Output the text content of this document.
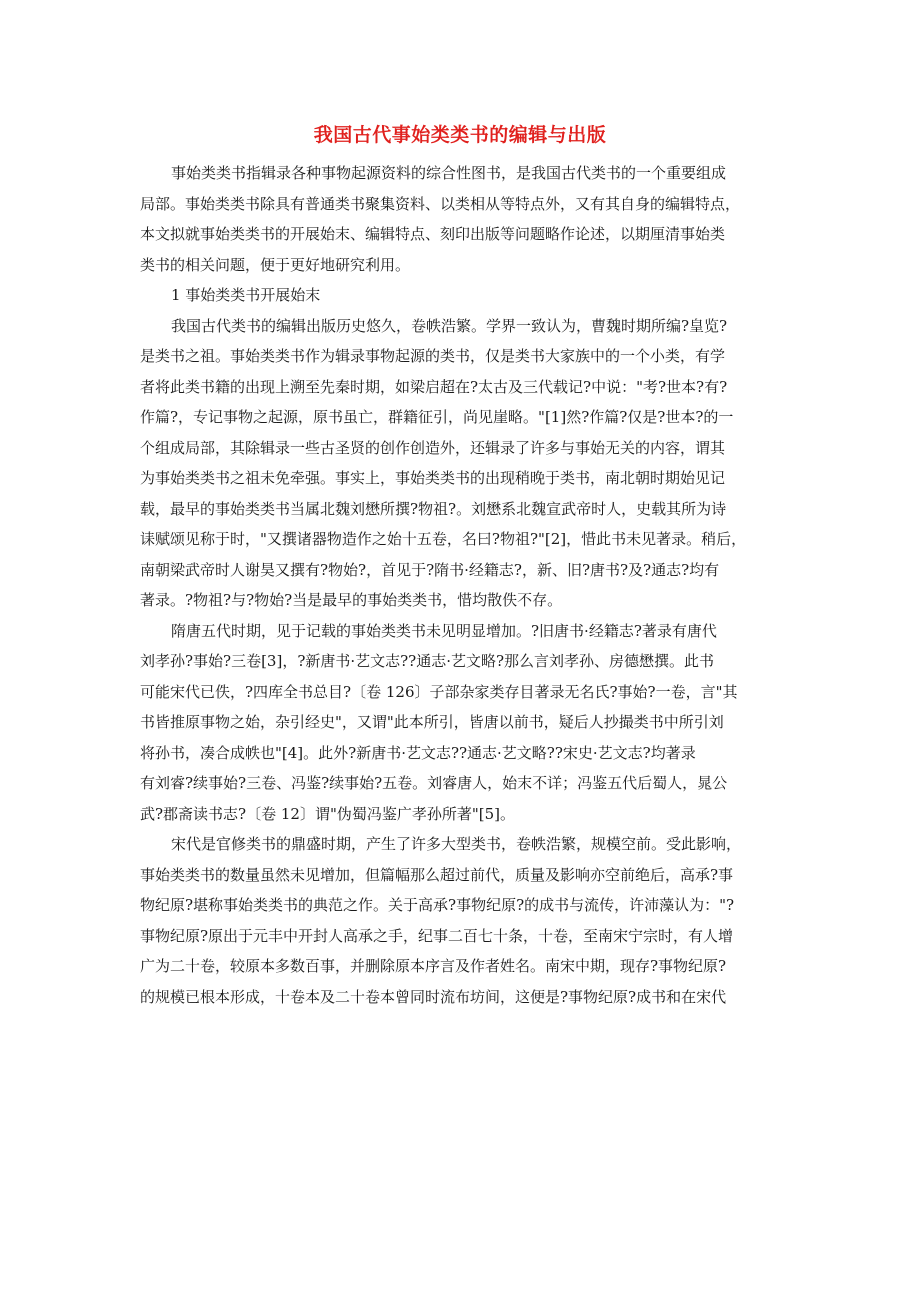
我国古代事始类类书的编辑与出版
事始类类书指辑录各种事物起源资料的综合性图书，是我国古代类书的一个重要组成
局部。事始类类书除具有普通类书聚集资料、以类相从等特点外，又有其自身的编辑特点，
本文拟就事始类类书的开展始末、编辑特点、刻印出版等问题略作论述，以期厘清事始类
类书的相关问题，便于更好地研究利用。
1 事始类类书开展始末
我国古代类书的编辑出版历史悠久，卷帙浩繁。学界一致认为，曹魏时期所编?皇览?
是类书之祖。事始类类书作为辑录事物起源的类书，仅是类书大家族中的一个小类，有学
者将此类书籍的出现上溯至先秦时期，如梁启超在?太古及三代载记?中说："考?世本?有?
作篇?，专记事物之起源，原书虽亡，群籍征引，尚见崖略。"[1]然?作篇?仅是?世本?的一
个组成局部，其除辑录一些古圣贤的创作创造外，还辑录了许多与事始无关的内容，谓其
为事始类类书之祖未免牵强。事实上，事始类类书的出现稍晚于类书，南北朝时期始见记
载，最早的事始类类书当属北魏刘懋所撰?物祖?。刘懋系北魏宣武帝时人，史载其所为诗
诔赋颂见称于时，"又撰诸器物造作之始十五卷，名曰?物祖?"[2]，惜此书未见著录。稍后，
南朝梁武帝时人谢昊又撰有?物始?，首见于?隋书·经籍志?，新、旧?唐书?及?通志?均有
著录。?物祖?与?物始?当是最早的事始类类书，惜均散佚不存。
隋唐五代时期，见于记载的事始类类书未见明显增加。?旧唐书·经籍志?著录有唐代
刘孝孙?事始?三卷[3]，?新唐书·艺文志??通志·艺文略?那么言刘孝孙、房德懋撰。此书
可能宋代已佚，?四库全书总目?〔卷 126〕子部杂家类存目著录无名氏?事始?一卷，言"其
书皆推原事物之始，杂引经史"，又谓"此本所引，皆唐以前书，疑后人抄撮类书中所引刘
将孙书，凑合成帙也"[4]。此外?新唐书·艺文志??通志·艺文略??宋史·艺文志?均著录
有刘睿?续事始?三卷、冯鉴?续事始?五卷。刘睿唐人，始末不详；冯鉴五代后蜀人，晁公
武?郡斋读书志?〔卷 12〕谓"伪蜀冯鉴广孝孙所著"[5]。
宋代是官修类书的鼎盛时期，产生了许多大型类书，卷帙浩繁，规模空前。受此影响，
事始类类书的数量虽然未见增加，但篇幅那么超过前代，质量及影响亦空前绝后，高承?事
物纪原?堪称事始类类书的典范之作。关于高承?事物纪原?的成书与流传，许沛藻认为："?
事物纪原?原出于元丰中开封人高承之手，纪事二百七十条，十卷，至南宋宁宗时，有人增
广为二十卷，较原本多数百事，并删除原本序言及作者姓名。南宋中期，现存?事物纪原?
的规模已根本形成，十卷本及二十卷本曾同时流布坊间，这便是?事物纪原?成书和在宋代
